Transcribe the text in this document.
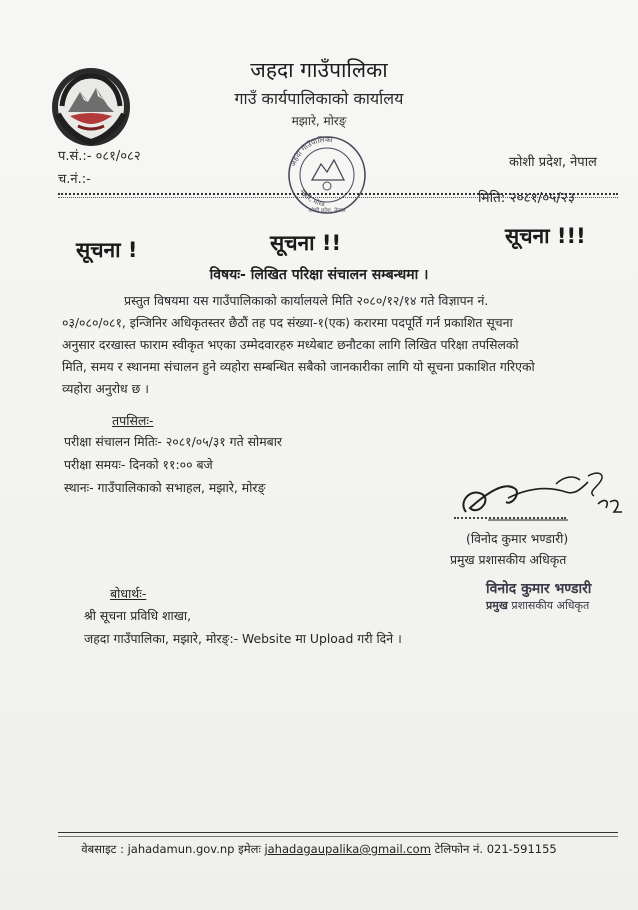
जहदा गाउँपालिका
गाउँ कार्यपालिकाको कार्यालय
मझारे, मोरङ्
प.सं.:- ०८१/०८२
च.नं.:-
कोशी प्रदेश, नेपाल
जहदा गाउँपालिका
मझारे, मोरङ
कोशी प्रदेश, नेपाल
मिति: २०८१/०५/२३
सूचना !	सूचना !!	सूचना !!!
विषयः- लिखित परिक्षा संचालन सम्बन्धमा ।
प्रस्तुत विषयमा यस गाउँपालिकाको कार्यालयले मिति २०८०/१२/१४ गते विज्ञापन नं.
०३/०८०/०८१, इन्जिनिर अधिकृतस्तर छैठौं तह पद संख्या-१(एक) करारमा पदपूर्ति गर्न प्रकाशित सूचना
अनुसार दरखास्त फाराम स्वीकृत भएका उम्मेदवारहरु मध्येबाट छनौटका लागि लिखित परिक्षा तपसिलको
मिति, समय र स्थानमा संचालन हुने व्यहोरा सम्बन्धित सबैको जानकारीका लागि यो सूचना प्रकाशित गरिएको
व्यहोरा अनुरोध छ ।
तपसिलः-
परीक्षा संचालन मितिः- २०८१/०५/३१ गते सोमबार
परीक्षा समयः- दिनको ११:०० बजे
स्थानः- गाउँपालिकाको सभाहल, मझारे, मोरङ्
(विनोद कुमार भण्डारी)
प्रमुख प्रशासकीय अधिकृत
विनोद कुमार भण्डारी
प्रमुख प्रशासकीय अधिकृत
बोधार्थः-
श्री सूचना प्रविधि शाखा,
जहदा गाउँपालिका, मझारे, मोरङ्:- Website मा Upload गरी दिने ।
वेबसाइट : jahadamun.gov.np इमेलः jahadagaupalika@gmail.com टेलिफोन नं. 021-591155
